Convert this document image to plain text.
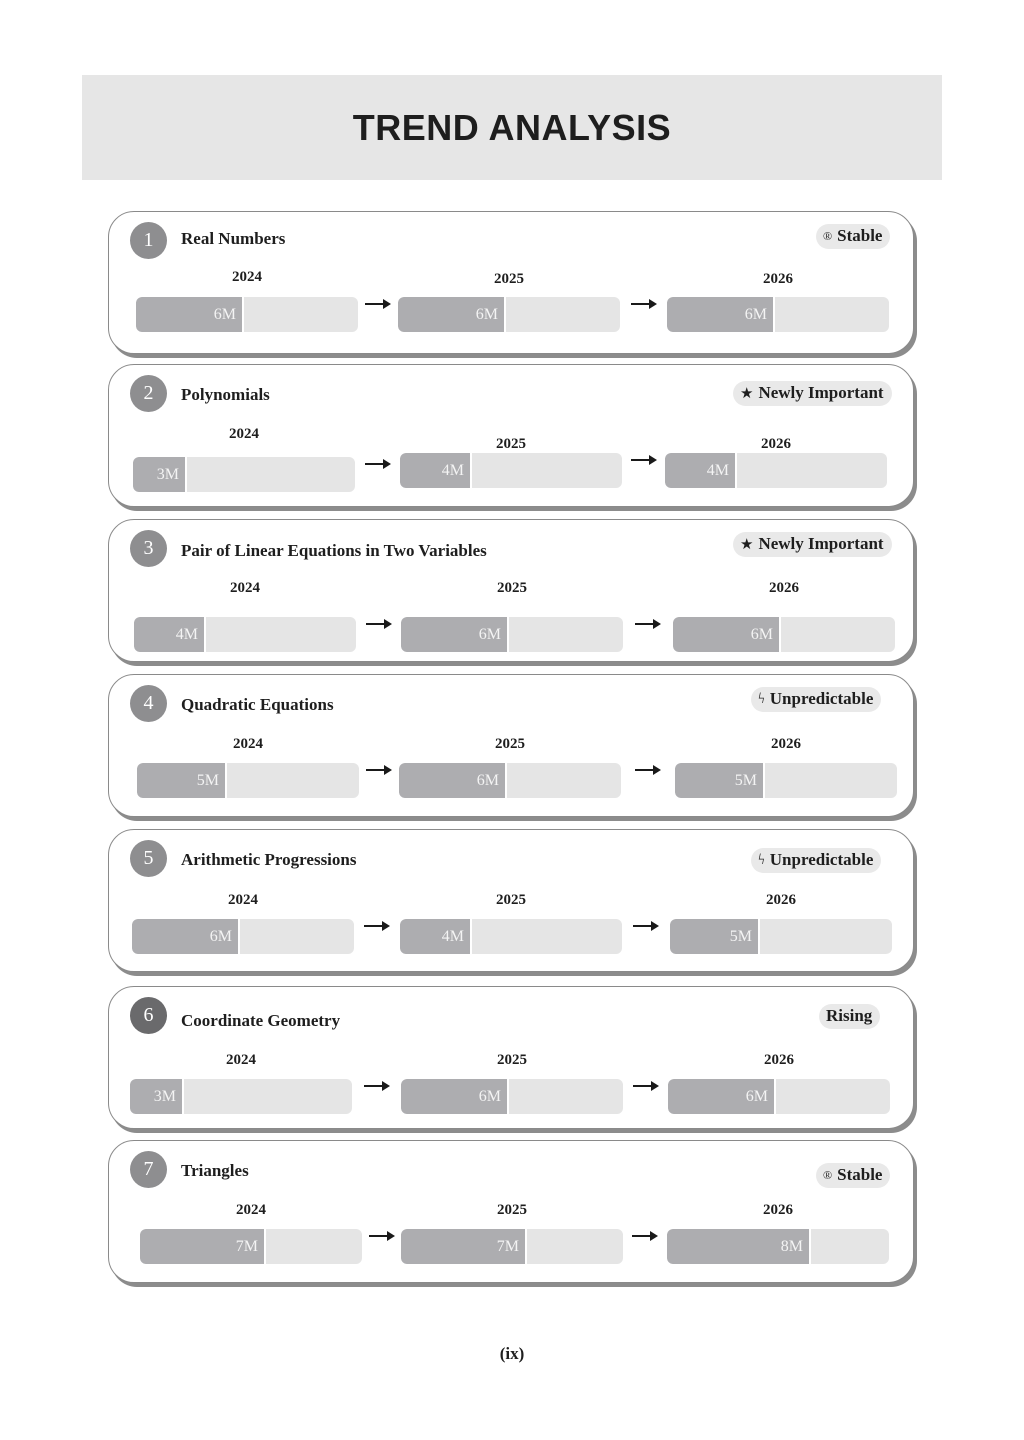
TREND ANALYSIS
1	Real Numbers	® Stable
2024
6M
2025
6M
2026
6M
2	Polynomials	★ Newly Important
2024
3M
2025
4M
2026
4M
3	Pair of Linear Equations in Two Variables	★ Newly Important
2024
4M
2025
6M
2026
6M
4	Quadratic Equations	ϟ Unpredictable
2024
5M
2025
6M
2026
5M
5	Arithmetic Progressions	ϟ Unpredictable
2024
6M
2025
4M
2026
5M
6	Coordinate Geometry	Rising
2024
3M
2025
6M
2026
6M
7	Triangles	® Stable
2024
7M
2025
7M
2026
8M
(ix)
